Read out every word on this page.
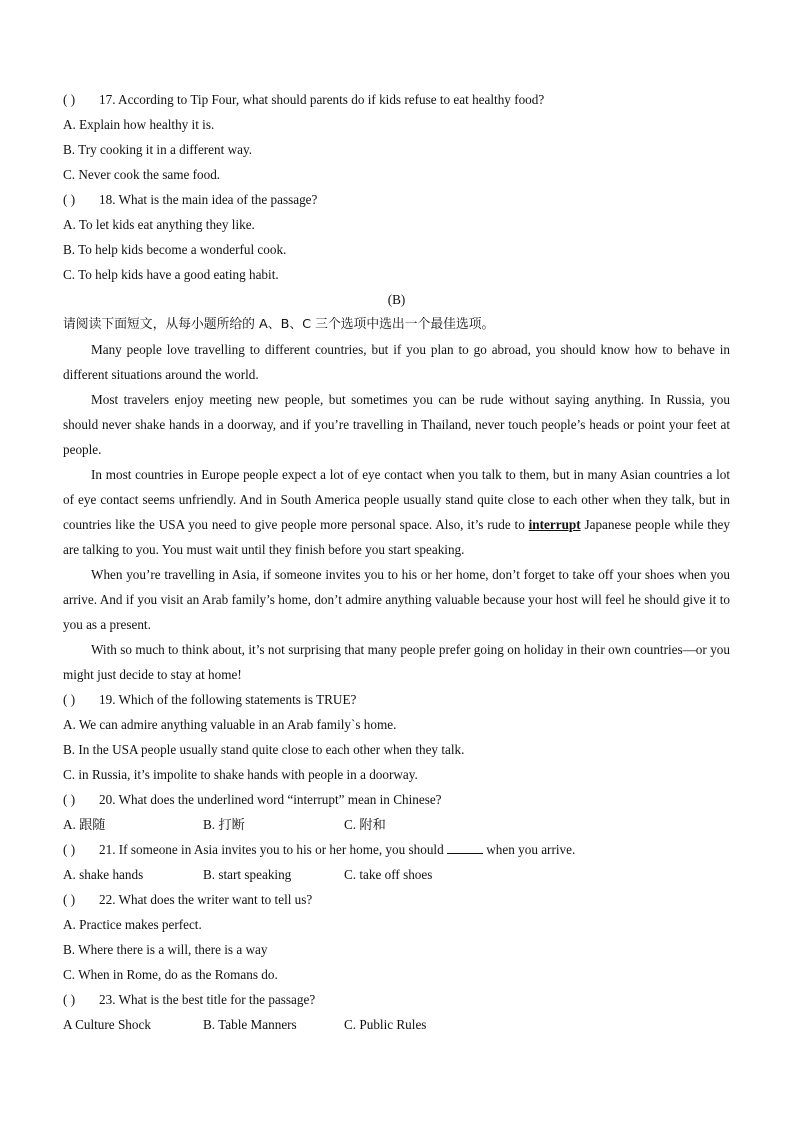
( ) 17. According to Tip Four, what should parents do if kids refuse to eat healthy food?
A. Explain how healthy it is.
B. Try cooking it in a different way.
C. Never cook the same food.
( ) 18. What is the main idea of the passage?
A. To let kids eat anything they like.
B. To help kids become a wonderful cook.
C. To help kids have a good eating habit.
(B)
请阅读下面短文，从每小题所给的 A、B、C 三个选项中选出一个最佳选项。

Many people love travelling to different countries, but if you plan to go abroad, you should know how to behave in different situations around the world.

Most travelers enjoy meeting new people, but sometimes you can be rude without saying anything. In Russia, you should never shake hands in a doorway, and if you’re travelling in Thailand, never touch people’s heads or point your feet at people.

In most countries in Europe people expect a lot of eye contact when you talk to them, but in many Asian countries a lot of eye contact seems unfriendly. And in South America people usually stand quite close to each other when they talk, but in countries like the USA you need to give people more personal space. Also, it’s rude to interrupt Japanese people while they are talking to you. You must wait until they finish before you start speaking.

When you’re travelling in Asia, if someone invites you to his or her home, don’t forget to take off your shoes when you arrive. And if you visit an Arab family’s home, don’t admire anything valuable because your host will feel he should give it to you as a present.

With so much to think about, it’s not surprising that many people prefer going on holiday in their own countries—or you might just decide to stay at home!

( ) 19. Which of the following statements is TRUE?
A. We can admire anything valuable in an Arab family`s home.
B. In the USA people usually stand quite close to each other when they talk.
C. in Russia, it’s impolite to shake hands with people in a doorway.
( ) 20. What does the underlined word “interrupt” mean in Chinese?
A. 跟随	B. 打断	C. 附和
( ) 21. If someone in Asia invites you to his or her home, you should	when you arrive.
A. shake hands	B. start speaking	C. take off shoes
( ) 22. What does the writer want to tell us?
A. Practice makes perfect.
B. Where there is a will, there is a way
C. When in Rome, do as the Romans do.
( ) 23. What is the best title for the passage?
A Culture Shock	B. Table Manners	C. Public Rules
